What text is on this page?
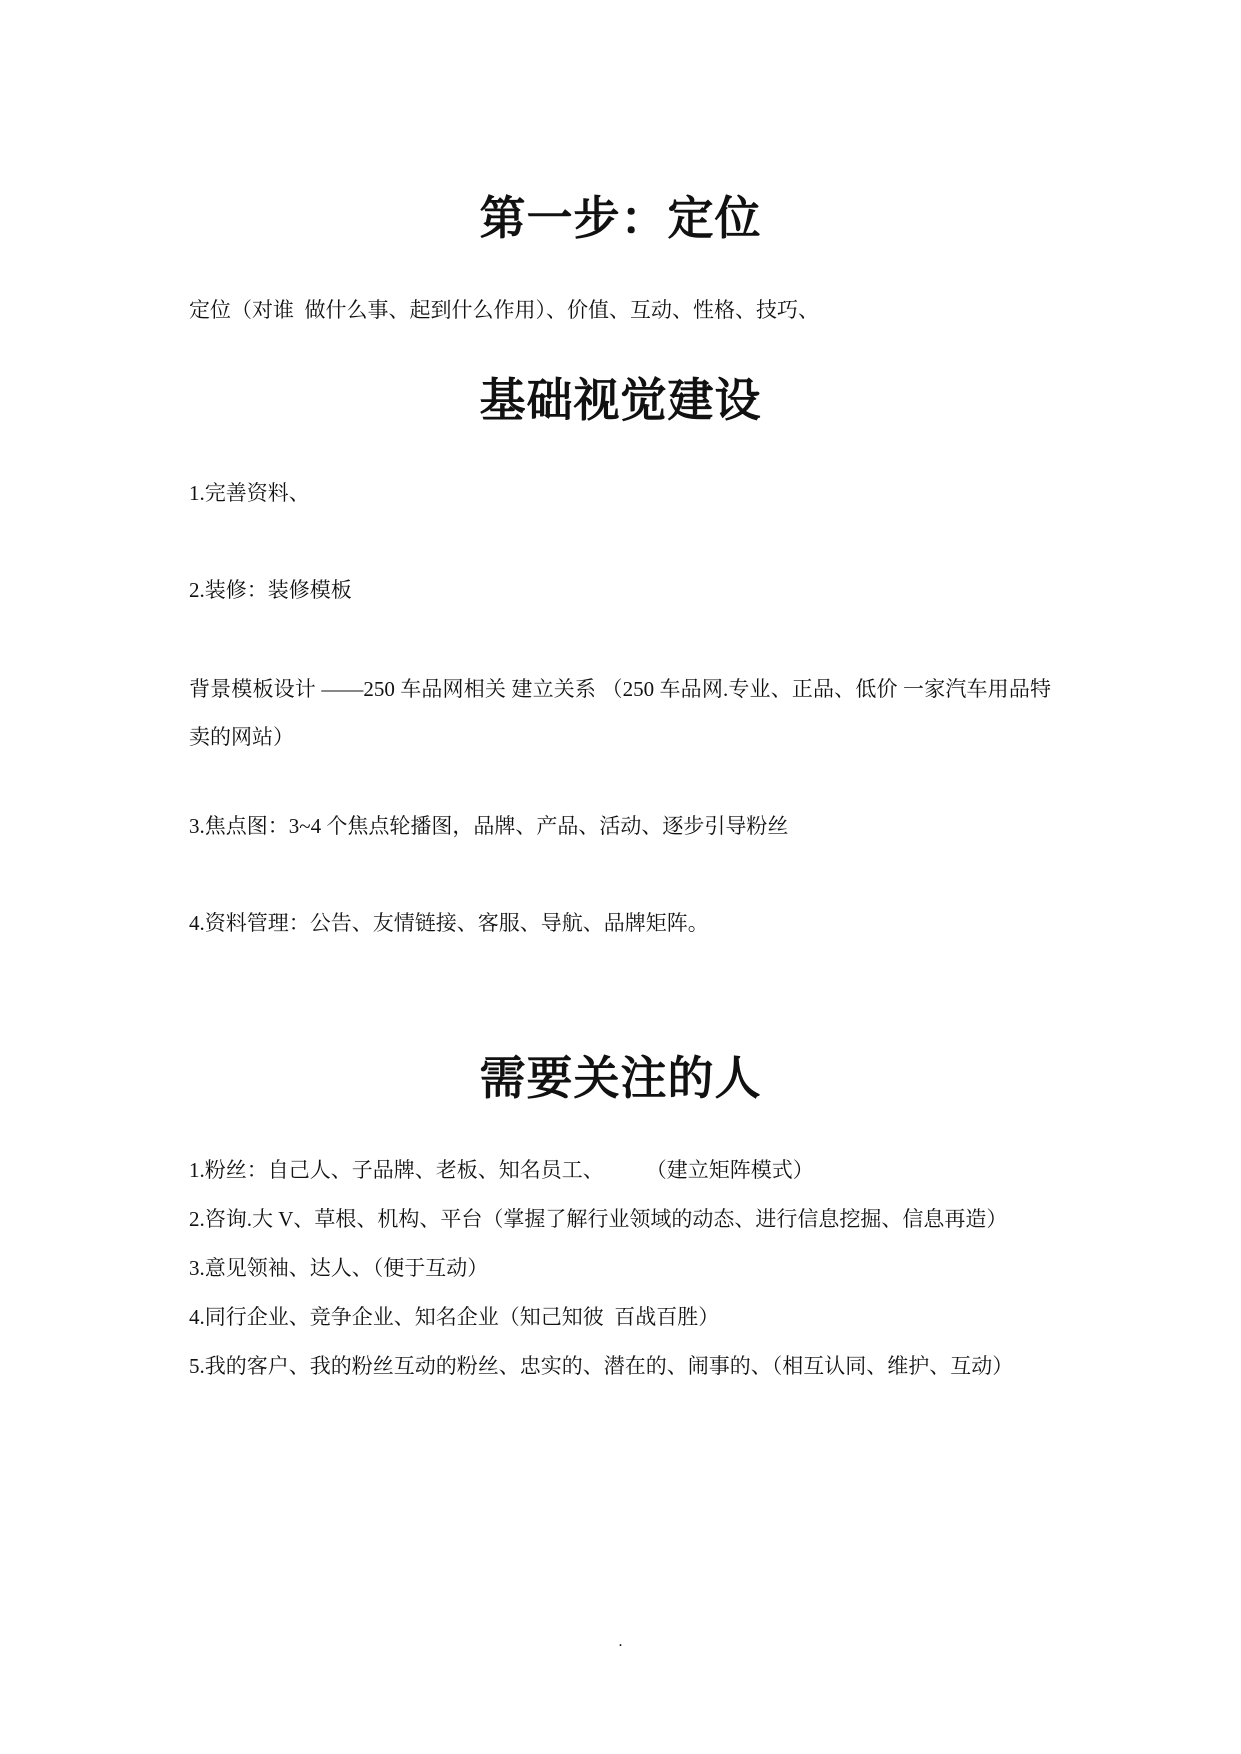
第一步：定位

定位（对谁  做什么事、起到什么作用）、价值、互动、性格、技巧、

基础视觉建设

1.完善资料、

2.装修：装修模板

背景模板设计 ——250 车品网相关 建立关系 （250 车品网.专业、正品、低价 一家汽车用品特卖的网站）

3.焦点图：3~4 个焦点轮播图，品牌、产品、活动、逐步引导粉丝

4.资料管理：公告、友情链接、客服、导航、品牌矩阵。

需要关注的人

1.粉丝：自己人、子品牌、老板、知名员工、        （建立矩阵模式）

2.咨询.大 V、草根、机构、平台（掌握了解行业领域的动态、进行信息挖掘、信息再造）

3.意见领袖、达人、（便于互动）

4.同行企业、竞争企业、知名企业（知己知彼  百战百胜）

5.我的客户、我的粉丝互动的粉丝、忠实的、潜在的、闹事的、（相互认同、维护、互动）

.
